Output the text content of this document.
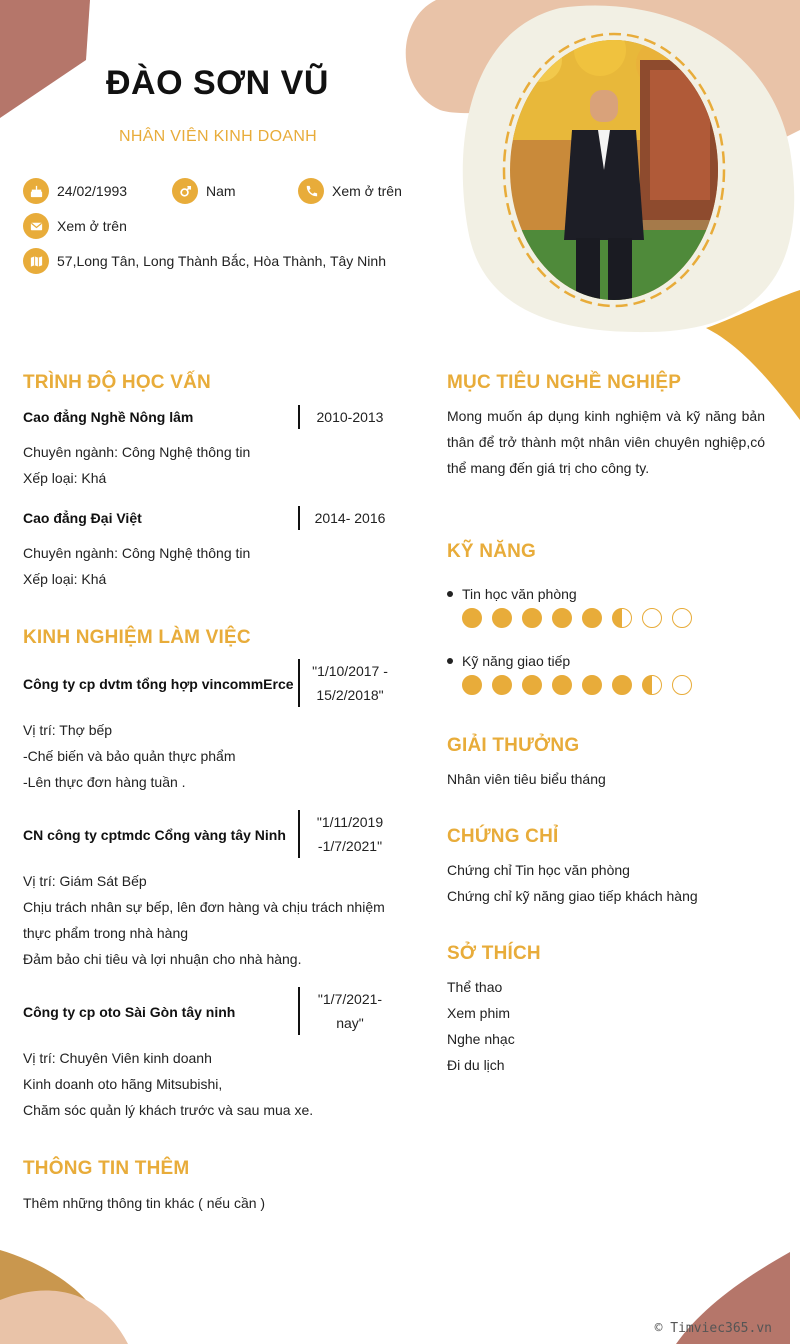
ĐÀO SƠN VŨ
NHÂN VIÊN KINH DOANH
24/02/1993	Nam	Xem ở trên
Xem ở trên
57,Long Tân, Long Thành Bắc, Hòa Thành, Tây Ninh
TRÌNH ĐỘ HỌC VẤN
Cao đẳng Nghề Nông lâm	2010-2013
Chuyên ngành: Công Nghệ thông tin
Xếp loại: Khá
Cao đẳng Đại Việt	2014- 2016
Chuyên ngành: Công Nghệ thông tin
Xếp loại: Khá
KINH NGHIỆM LÀM VIỆC
Công ty cp dvtm tổng hợp vincommErce
"1/10/2017 -
15/2/2018"
Vị trí: Thợ bếp
-Chế biến và bảo quản thực phẩm
-Lên thực đơn hàng tuần .
CN công ty cptmdc Cổng vàng tây Ninh
"1/11/2019
-1/7/2021"
Vị trí: Giám Sát Bếp
Chịu trách nhân sự bếp, lên đơn hàng và chịu trách nhiệm
thực phẩm trong nhà hàng
Đảm bảo chi tiêu và lợi nhuận cho nhà hàng.
Công ty cp oto Sài Gòn tây ninh
"1/7/2021-
nay"
Vị trí: Chuyên Viên kinh doanh
Kinh doanh oto hãng Mitsubishi,
Chăm sóc quản lý khách trước và sau mua xe.
THÔNG TIN THÊM
Thêm những thông tin khác ( nếu cần )
MỤC TIÊU NGHỀ NGHIỆP
Mong muốn áp dụng kinh nghiệm và kỹ năng bản
thân để trở thành một nhân viên chuyên nghiệp,có
thể mang đến giá trị cho công ty.
KỸ NĂNG
Tin học văn phòng
Kỹ năng giao tiếp
GIẢI THƯỞNG
Nhân viên tiêu biểu tháng
CHỨNG CHỈ
Chứng chỉ Tin học văn phòng
Chứng chỉ kỹ năng giao tiếp khách hàng
SỞ THÍCH
Thể thao
Xem phim
Nghe nhạc
Đi du lịch
© Timviec365.vn
